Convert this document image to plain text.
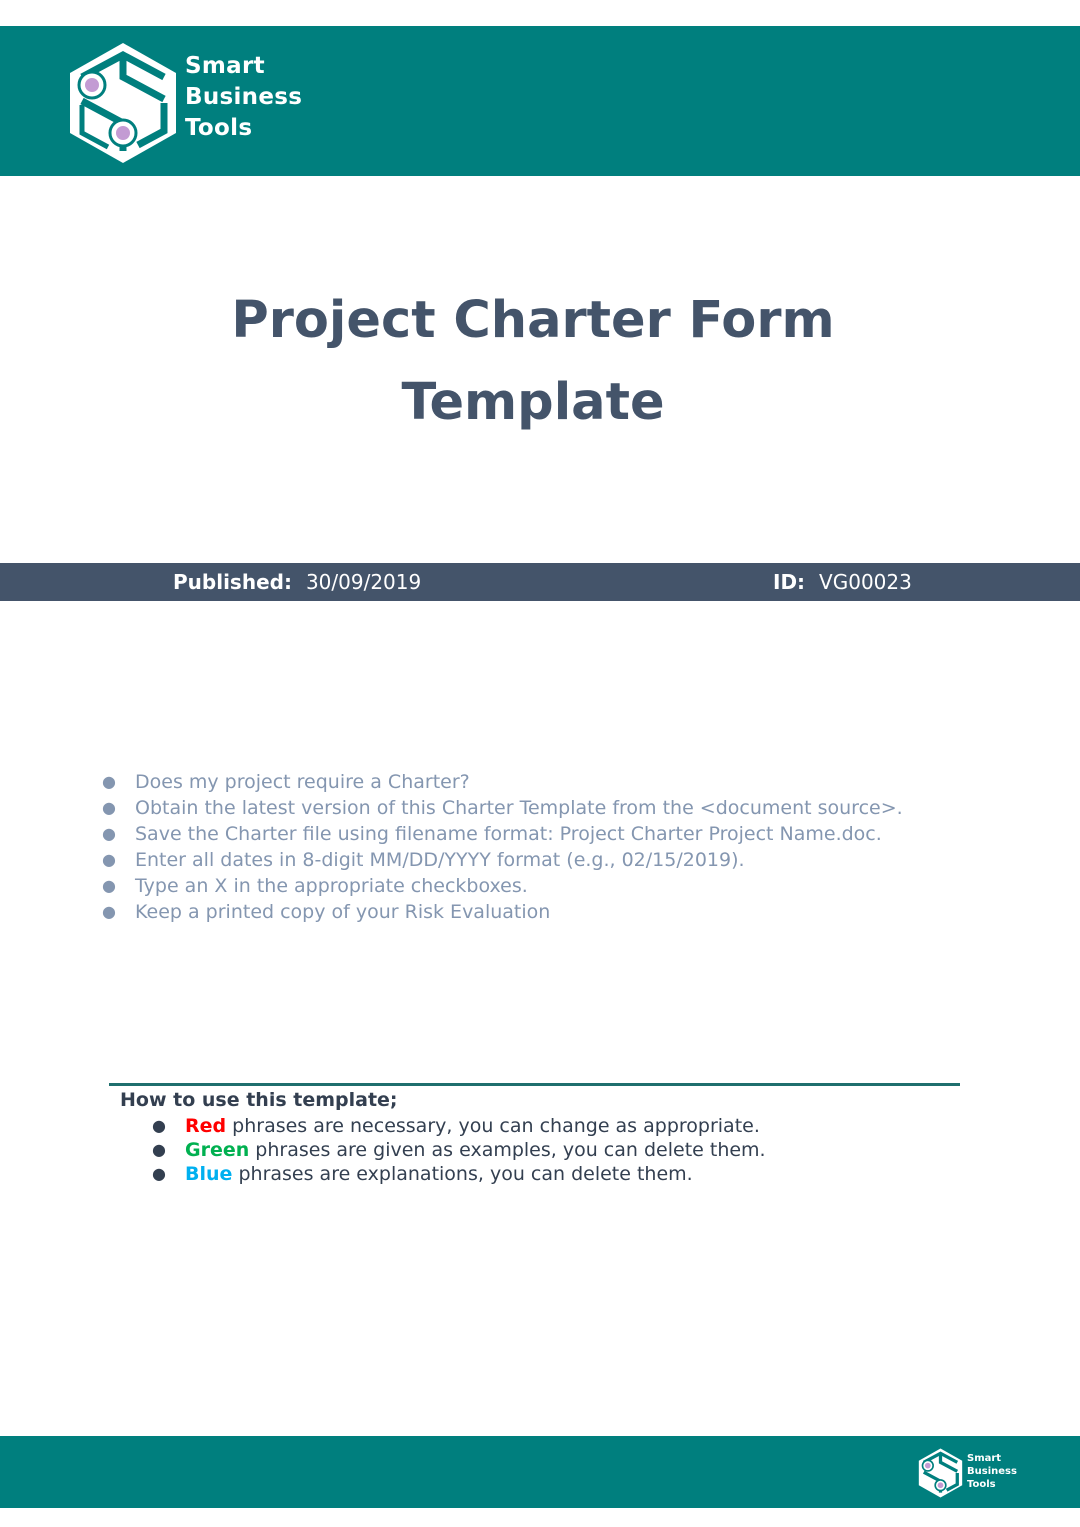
Smart
Business
Tools
Project Charter Form
Template
Published: 30/09/2019	ID: VG00023
● Does my project require a Charter?
● Obtain the latest version of this Charter Template from the <document source>.
● Save the Charter file using filename format: Project Charter Project Name.doc.
● Enter all dates in 8-digit MM/DD/YYYY format (e.g., 02/15/2019).
● Type an X in the appropriate checkboxes.
● Keep a printed copy of your Risk Evaluation
How to use this template;
● Red phrases are necessary, you can change as appropriate.
● Green phrases are given as examples, you can delete them.
● Blue phrases are explanations, you can delete them.
Smart
Business
Tools
